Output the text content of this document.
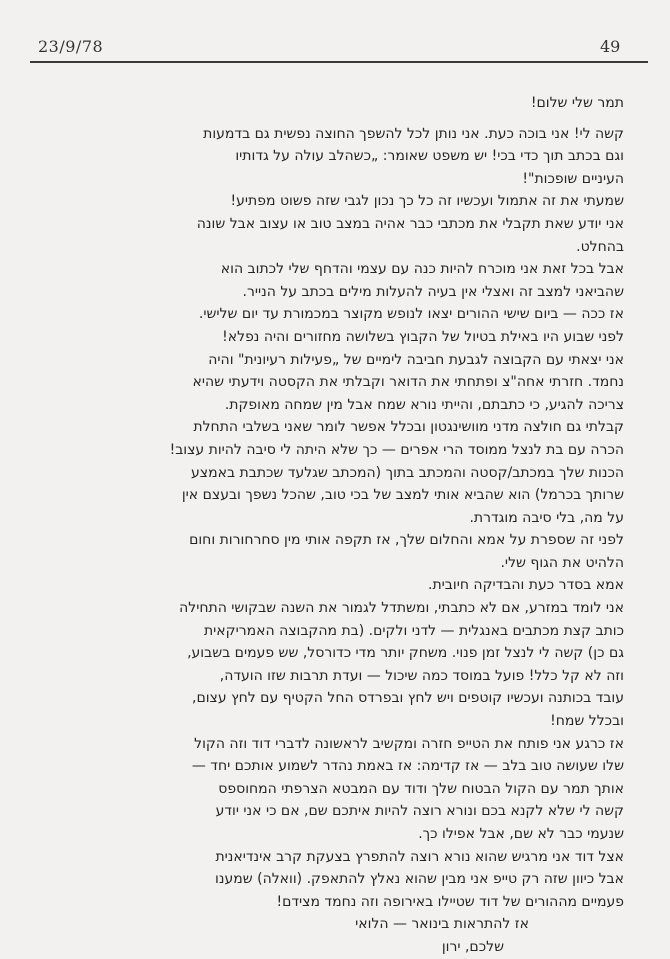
23/9/78	49
תמר שלי שלום!
קשה לי! אני בוכה כעת. אני נותן לכל להשפך החוצה נפשית גם בדמעות
וגם בכתב תוך כדי בכי! יש משפט שאומר: „כשהלב עולה על גדותיו
העיניים שופכות"!
שמעתי את זה אתמול ועכשיו זה כל כך נכון לגבי שזה פשוט מפתיע!
אני יודע שאת תקבלי את מכתבי כבר אהיה במצב טוב או עצוב אבל שונה
בהחלט.
אבל בכל זאת אני מוכרח להיות כנה עם עצמי והדחף שלי לכתוב הוא
שהביאני למצב זה ואצלי אין בעיה להעלות מילים בכתב על הנייר.
אז ככה — ביום שישי ההורים יצאו לנופש מקוצר במכמורת עד יום שלישי.
לפני שבוע היו באילת בטיול של הקבוץ בשלושה מחזורים והיה נפלא!
אני יצאתי עם הקבוצה לגבעת חביבה לימיים של „פעילות רעיונית" והיה
נחמד. חזרתי אחה"צ ופתחתי את הדואר וקבלתי את הקסטה וידעתי שהיא
צריכה להגיע, כי כתבתם, והייתי נורא שמח אבל מין שמחה מאופקת.
קבלתי גם חולצה מדני מוושינגטון ובכלל אפשר לומר שאני בשלבי התחלת
הכרה עם בת לנצל ממוסד הרי אפרים — כך שלא היתה לי סיבה להיות עצוב!
הכנות שלך במכתב/קסטה והמכתב בתוך (המכתב שגלעד שכתבת באמצע
שרותך בכרמל) הוא שהביא אותי למצב של בכי טוב, שהכל נשפך ובעצם אין
על מה, בלי סיבה מוגדרת.
לפני זה שספרת על אמא והחלום שלך, אז תקפה אותי מין סחרחורות וחום
הלהיט את הגוף שלי.
אמא בסדר כעת והבדיקה חיובית.
אני לומד במזרע, אם לא כתבתי, ומשתדל לגמור את השנה שבקושי התחילה
כותב קצת מכתבים באנגלית — לדני ולקים. (בת מהקבוצה האמריקאית
גם כן) קשה לי לנצל זמן פנוי. משחק יותר מדי כדורסל, שש פעמים בשבוע,
וזה לא קל כלל! פועל במוסד כמה שיכול — ועדת תרבות שזו הועדה,
עובד בכותנה ועכשיו קוטפים ויש לחץ ובפרדס החל הקטיף עם לחץ עצום,
ובכלל שמח!
אז כרגע אני פותח את הטייפ חזרה ומקשיב לראשונה לדברי דוד וזה הקול
שלו שעושה טוב בלב — אז קדימה: אז באמת נהדר לשמוע אותכם יחד —
אותך תמר עם הקול הבטוח שלך ודוד עם המבטא הצרפתי המחוספס
קשה לי שלא לקנא בכם ונורא רוצה להיות איתכם שם, אם כי אני יודע
שנעמי כבר לא שם, אבל אפילו כך.
אצל דוד אני מרגיש שהוא נורא רוצה להתפרץ בצעקת קרב אינדיאנית
אבל כיוון שזה רק טייפ אני מבין שהוא נאלץ להתאפק. (וואלה) שמענו
פעמיים מההורים של דוד שטיילו באירופה וזה נחמד מצידם!
אז להתראות בינואר — הלואי
שלכם, ירון
